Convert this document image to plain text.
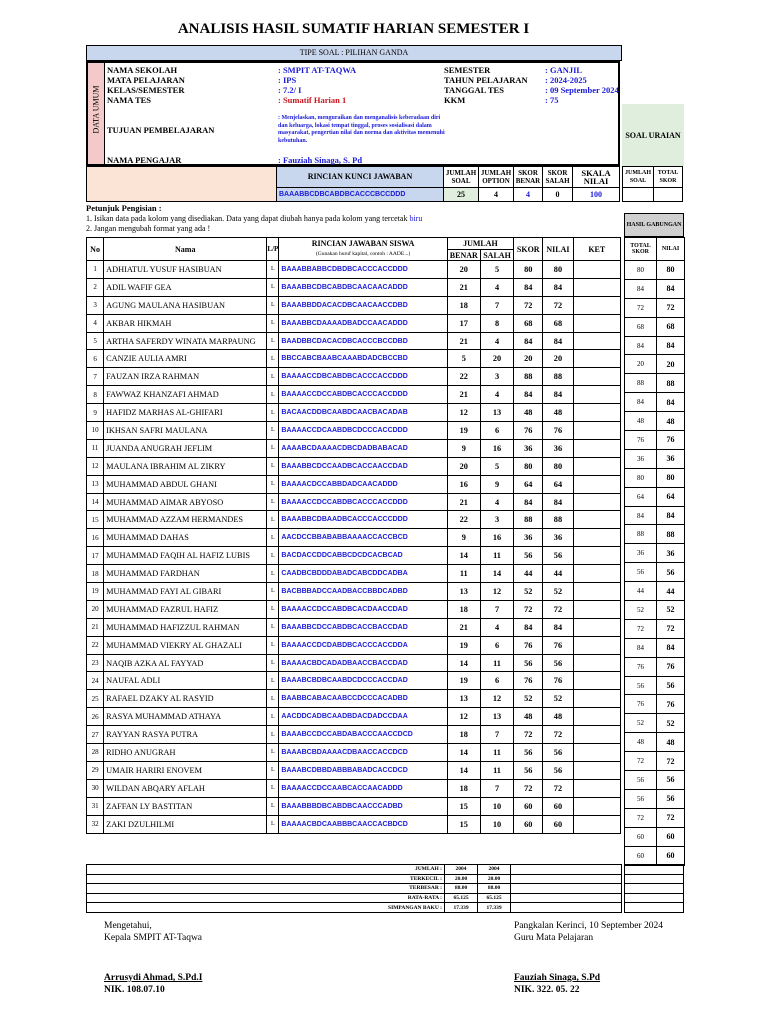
ANALISIS HASIL SUMATIF HARIAN SEMESTER I
TIPE SOAL : PILIHAN GANDA
DATA UMUM
NAMA SEKOLAH	: SMPIT AT-TAQWA
MATA PELAJARAN	: IPS
KELAS/SEMESTER	: 7.2/ I
NAMA TES	: Sumatif Harian 1
SEMESTER	: GANJIL
TAHUN PELAJARAN : 2024-2025
TANGGAL TES	: 09 September 2024
KKM	: 75
TUJUAN PEMBELAJARAN
: Menjelaskan, menguraikan dan menganalisis keberadaan diri dan keluarga, lokasi tempat tinggal, proses sosialisasi dalam masyarakat, pengertian nilai dan norma dan aktivitas memenuhi kebutuhan.
NAMA PENGAJAR	: Fauziah Sinaga, S. Pd
SOAL URAIAN
RINCIAN KUNCI JAWABAN
BAAABBCDBCABDBCACCCBCCDDD
JUMLAH SOAL
JUMLAH OPTION
SKOR BENAR
SKOR SALAH
SKALA NILAI
25	4	4	0	100
JUMLAH SOAL
TOTAL SKOR
Petunjuk Pengisian :
1. Isikan data pada kolom yang disediakan. Data yang dapat diubah hanya pada kolom yang tercetak biru
2. Jangan mengubah format yang ada !	HASIL GABUNGAN
No	Nama	L/P	RINCIAN JAWABAN SISWA
(Gunakan huruf kapital, contoh : AADE...)	JUMLAH		SKOR	NILAI	KET
				BENAR	SALAH			
1	ADHIATUL YUSUF HASIBUAN	L	BAAABBABBCDBDBCACCCACCDDD	20	5	80	80	
2	ADIL WAFIF GEA	L	BAAABBCDBCABDBCAACAACADDD	21	4	84	84	
3	AGUNG MAULANA HASIBUAN	L	BAAABBDDACACDBCAACAACCDBD	18	7	72	72	
4	AKBAR HIKMAH	L	BAAABBCDAAAADBADCCAACADDD	17	8	68	68	
5	ARTHA SAFERDY WINATA MARPAUNG	L	BAADBBCDACACDBCACCCBCCDBD	21	4	84	84	
6	CANZIE AULIA AMRI	L	BBCCABCBAABCAAABDADCBCCBD	5	20	20	20	
7	FAUZAN IRZA RAHMAN	L	BAAAACCDBCABDBCACCCACCDDD	22	3	88	88	
8	FAWWAZ KHANZAFI AHMAD	L	BAAAACCDCCABDBCACCCACCDDD	21	4	84	84	
9	HAFIDZ MARHAS AL-GHIFARI	L	BACAACDDBCAABDCAACBACADAB	12	13	48	48	
10	IKHSAN SAFRI MAULANA	L	BAAAACCDCAABDBCDCCCACCDDD	19	6	76	76	
11	JUANDA ANUGRAH JEFLIM	L	AAAABCDAAAACDBCDADBABACAD	9	16	36	36	
12	MAULANA IBRAHIM AL ZIKRY	L	BAAABBCDCCAADBCACCAACCDAD	20	5	80	80	
13	MUHAMMAD ABDUL GHANI	L	BAAAACDCCABBDADCAACADDD	16	9	64	64	
14	MUHAMMAD AIMAR ABYOSO	L	BAAAACCDCCABDBCACCCACCDDD	21	4	84	84	
15	MUHAMMAD AZZAM HERMANDES	L	BAAABBCDBAADBCACCCACCCDDD	22	3	88	88	
16	MUHAMMAD DAHAS	L	AACDCCBBABABBAAAACCACCBCD	9	16	36	36	
17	MUHAMMAD FAQIH AL HAFIZ LUBIS	L	BACDACCDDCABBCDCDCACBCAD	14	11	56	56	
18	MUHAMMAD FARDHAN	L	CAADBCBDDDABADCABCDDCADBA	11	14	44	44	
19	MUHAMMAD FAYI AL GIBARI	L	BACBBBADCCAADBACCBBDCADBD	13	12	52	52	
20	MUHAMMAD FAZRUL HAFIZ	L	BAAAACCDCCABDBCACDAACCDAD	18	7	72	72	
21	MUHAMMAD HAFIZZUL RAHMAN	L	BAAABBCDCCABDBCACCBACCDAD	21	4	84	84	
22	MUHAMMAD VIEKRY AL GHAZALI	L	BAAAACCDCDABDBCACCCACCDDA	19	6	76	76	
23	NAQIB AZKA AL FAYYAD	L	BAAAACBDCADADBAACCBACCDAD	14	11	56	56	
24	NAUFAL ADLI	L	BAAABCBDBCAABDCDCCCACCDAD	19	6	76	76	
25	RAFAEL DZAKY AL RASYID	L	BAABBCABACAABCCDCCCACADBD	13	12	52	52	
26	RASYA MUHAMMAD ATHAYA	L	AACDDCADBCAADBDACDADCCDAA	12	13	48	48	
27	RAYYAN RASYA PUTRA	L	BAAABCCDCCABDABACCCAACCDCD	18	7	72	72	
28	RIDHO ANUGRAH	L	BAAABCBDAAAACDBAACCACCDCD	14	11	56	56	
29	UMAIR HARIRI ENOVEM	L	BAAABCDBBDABBBABADCACCDCD	14	11	56	56	
30	WILDAN ABQARY AFLAH	L	BAAAACCDCCAABCACCAACADDD	18	7	72	72	
31	ZAFFAN LY BASTITAN	L	BAAABBBDBCABDBCAACCCADBD	15	10	60	60	
32	ZAKI DZULHILMI	L	BAAAACBDCAABBBCAACCACBDCD	15	10	60	60	
TOTAL SKOR	NILAI
80	80
84	84
72	72
68	68
84	84
20	20
88	88
84	84
48	48
76	76
36	36
80	80
64	64
84	84
88	88
36	36
56	56
44	44
52	52
72	72
84	84
76	76
56	56
76	76
52	52
48	48
72	72
56	56
56	56
72	72
60	60
60	60
JUMLAH :	2004	2004	
TERKECIL :	20.00	20.00	
TERBESAR :	88.00	88.00	
RATA-RATA :	65.125	65.125	
SIMPANGAN BAKU :	17.339	17.339	

Mengetahui,
Kepala SMPIT AT-Taqwa
Arrusydi Ahmad, S.Pd.I
NIK. 108.07.10
Pangkalan Kerinci, 10 September 2024
Guru Mata Pelajaran
Fauziah Sinaga, S.Pd
NIK. 322. 05. 22
